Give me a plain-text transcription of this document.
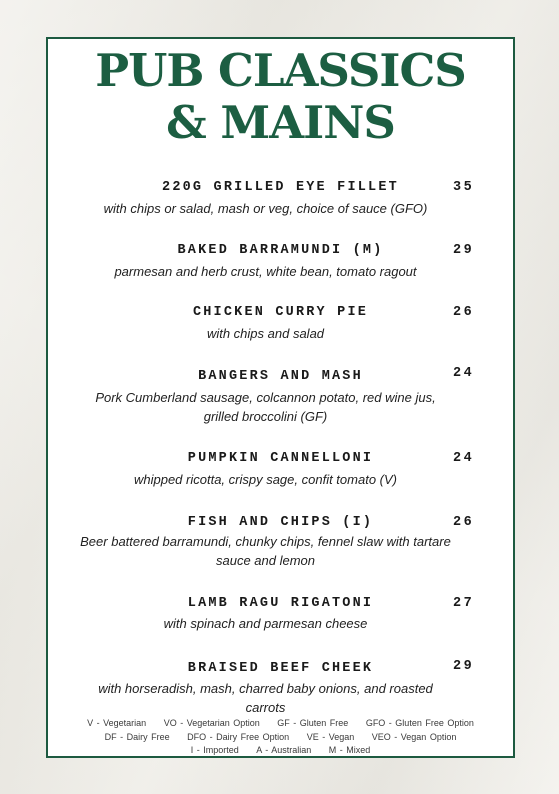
PUB CLASSICS
& MAINS
220G GRILLED EYE FILLET	35
with chips or salad, mash or veg, choice of sauce (GFO)
BAKED BARRAMUNDI (M)	29
parmesan and herb crust, white bean, tomato ragout
CHICKEN CURRY PIE	26
with chips and salad
BANGERS AND MASH	24
Pork Cumberland sausage, colcannon potato, red wine jus, grilled broccolini (GF)
PUMPKIN CANNELLONI	24
whipped ricotta, crispy sage, confit tomato (V)
FISH AND CHIPS (I)	26
Beer battered barramundi, chunky chips, fennel slaw with tartare sauce and lemon
LAMB RAGU RIGATONI	27
with spinach and parmesan cheese
BRAISED BEEF CHEEK	29
with horseradish, mash, charred baby onions, and roasted carrots
V - Vegetarian VO - Vegetarian Option GF - Gluten Free GFO - Gluten Free Option
DF - Dairy Free DFO - Dairy Free Option VE - Vegan VEO - Vegan Option
I - Imported A - Australian M - Mixed
